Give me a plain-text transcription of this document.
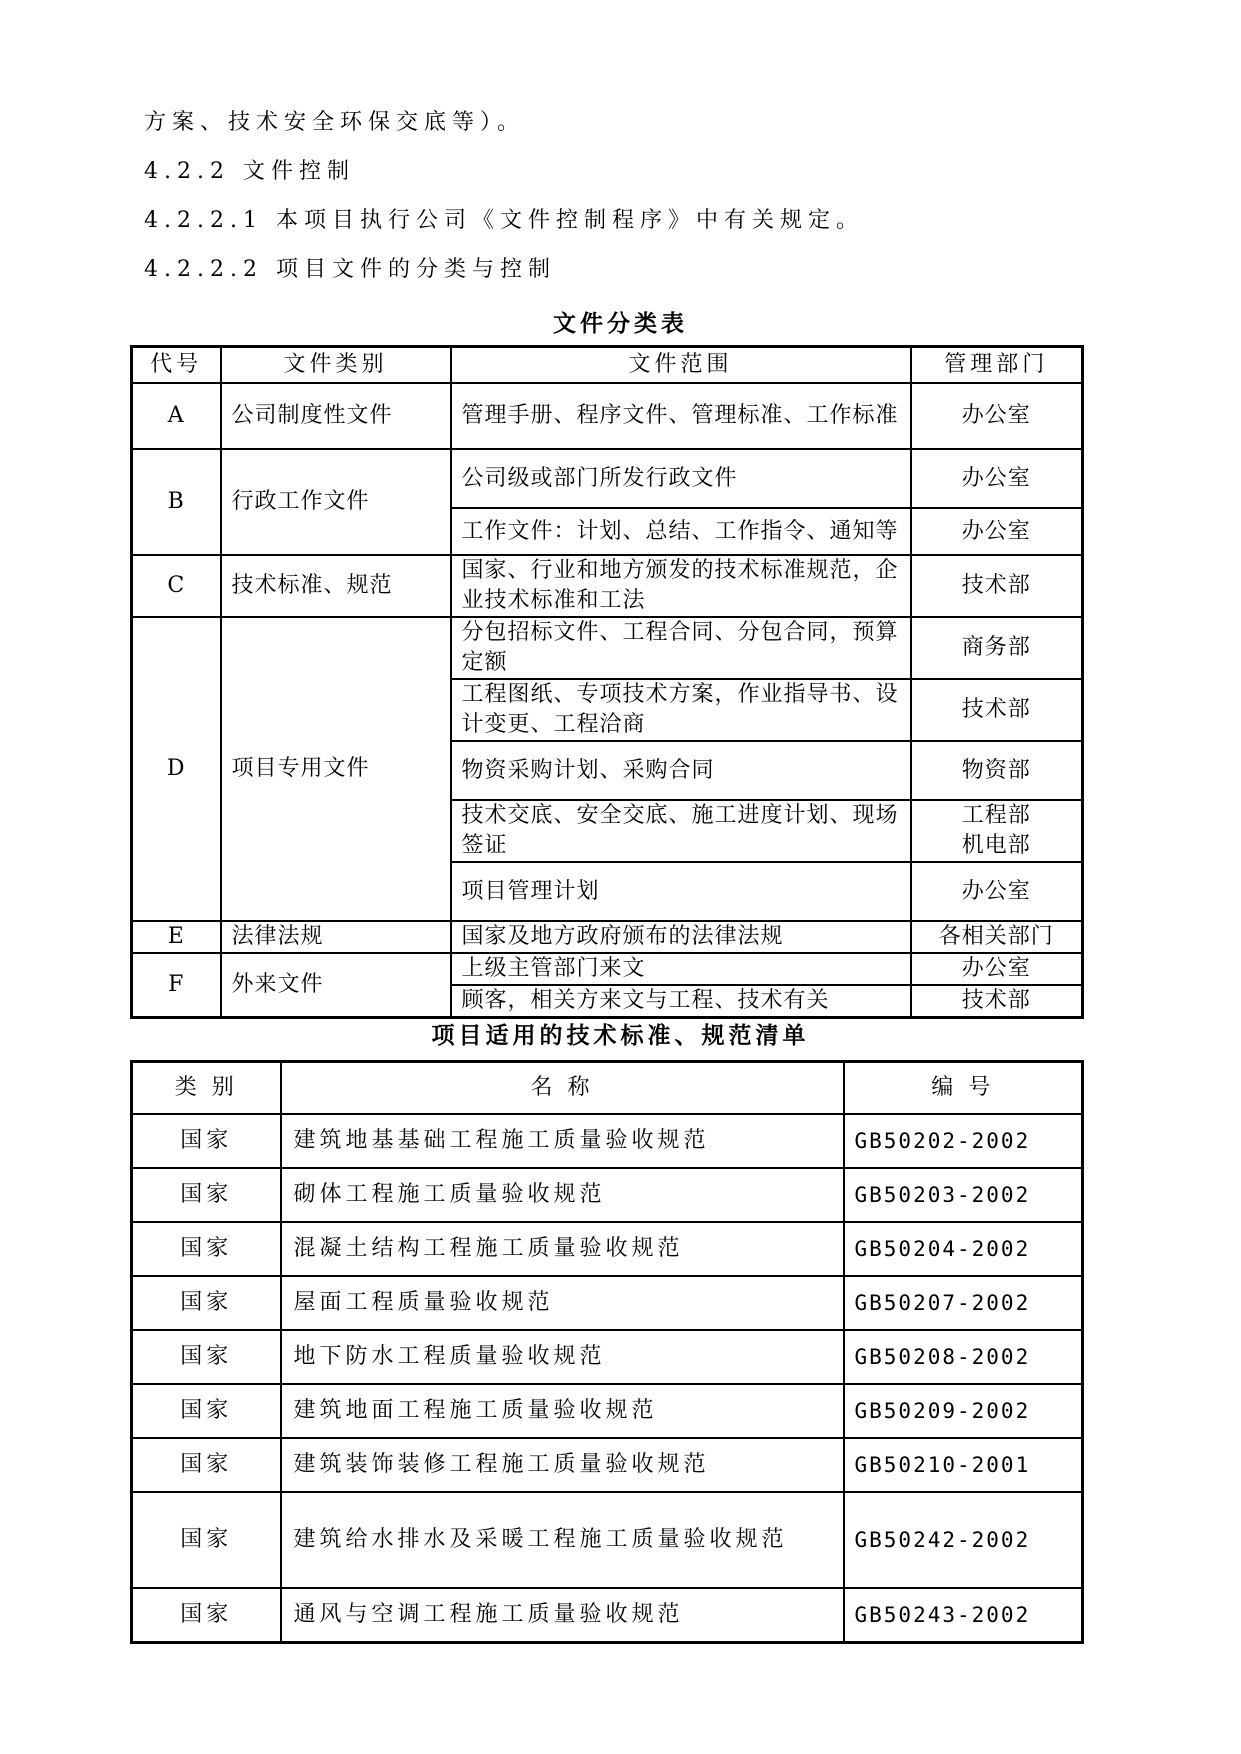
方案、技术安全环保交底等）。
4.2.2 文件控制
4.2.2.1 本项目执行公司《文件控制程序》中有关规定。
4.2.2.2 项目文件的分类与控制
文件分类表
代号	文件类别	文件范围	管理部门
A	公司制度性文件	管理手册、程序文件、管理标准、工作标准	办公室

B	行政工作文件	公司级或部门所发行政文件	办公室

		工作文件：计划、总结、工作指令、通知等	办公室

C	技术标准、规范	国家、行业和地方颁发的技术标准规范，企业技术标准和工法	技术部

D	项目专用文件	分包招标文件、工程合同、分包合同，预算定额	商务部

		工程图纸、专项技术方案，作业指导书、设计变更、工程洽商	技术部

		物资采购计划、采购合同	物资部

		技术交底、安全交底、施工进度计划、现场签证	工程部
机电部

		项目管理计划	办公室

E	法律法规	国家及地方政府颁布的法律法规	各相关部门

F	外来文件	上级主管部门来文	办公室

		顾客，相关方来文与工程、技术有关	技术部
项目适用的技术标准、规范清单
类 别	名 称	编 号
国家	建筑地基基础工程施工质量验收规范	GB50202-2002
国家	砌体工程施工质量验收规范	GB50203-2002
国家	混凝土结构工程施工质量验收规范	GB50204-2002
国家	屋面工程质量验收规范	GB50207-2002
国家	地下防水工程质量验收规范	GB50208-2002
国家	建筑地面工程施工质量验收规范	GB50209-2002
国家	建筑装饰装修工程施工质量验收规范	GB50210-2001
国家	建筑给水排水及采暖工程施工质量验收规范	GB50242-2002
国家	通风与空调工程施工质量验收规范	GB50243-2002
